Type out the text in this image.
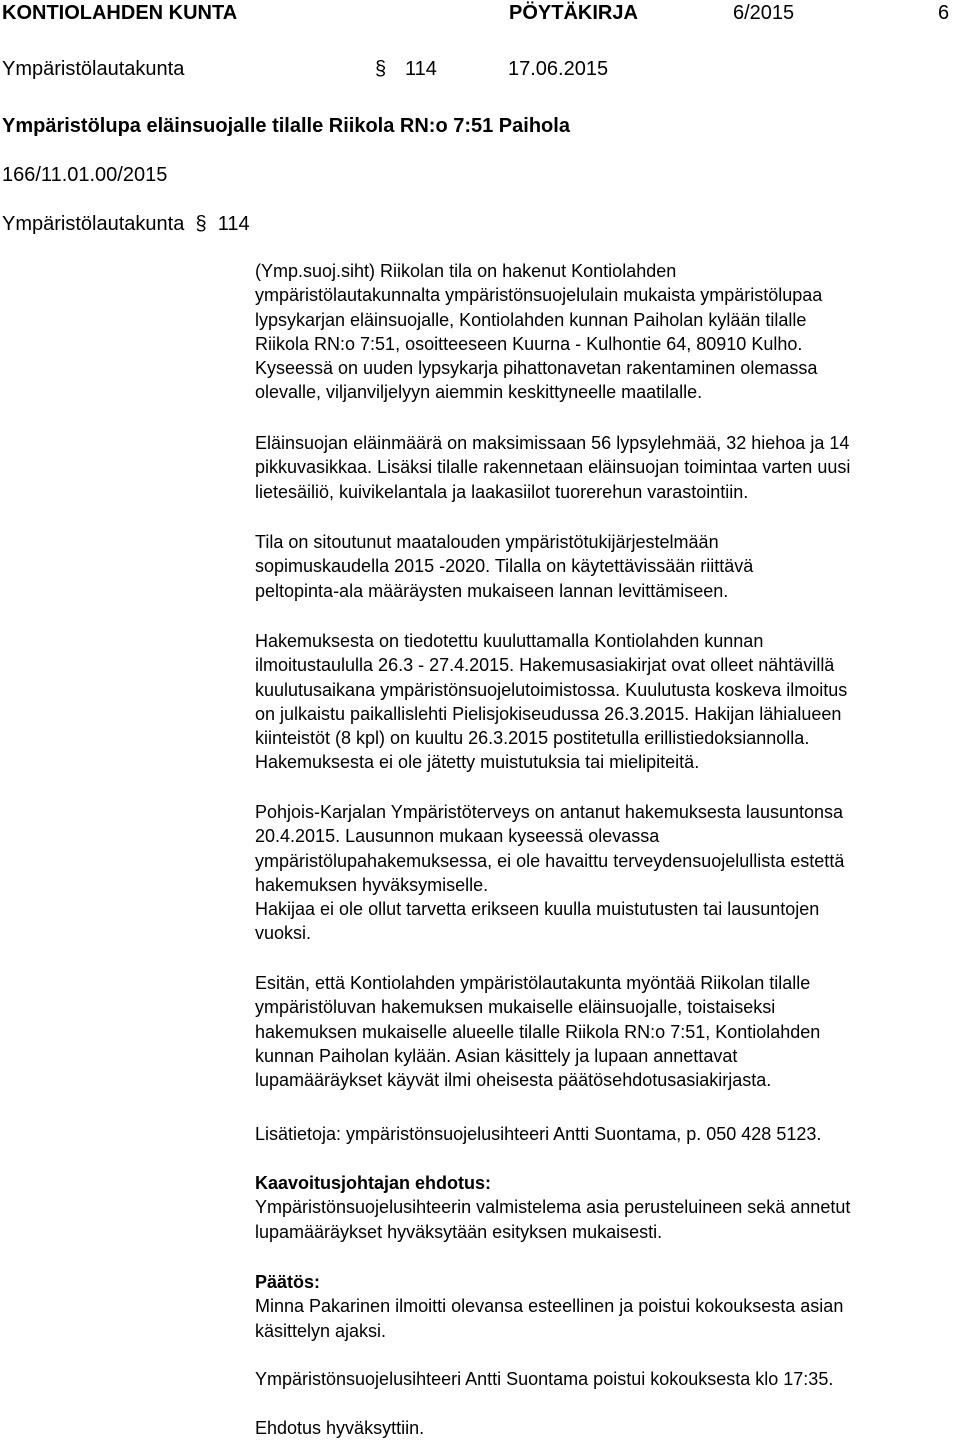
KONTIOLAHDEN KUNTA	PÖYTÄKIRJA	6/2015	6
Ympäristölautakunta	§ 114	17.06.2015
Ympäristölupa eläinsuojalle tilalle Riikola RN:o 7:51 Paihola
166/11.01.00/2015
Ympäristölautakunta  §  114

(Ymp.suoj.siht) Riikolan tila on hakenut Kontiolahden

ympäristölautakunnalta ympäristönsuojelulain mukaista ympäristölupaa

lypsykarjan eläinsuojalle, Kontiolahden kunnan Paiholan kylään tilalle

Riikola RN:o 7:51, osoitteeseen Kuurna - Kulhontie 64, 80910 Kulho.

Kyseessä on uuden lypsykarja pihattonavetan rakentaminen olemassa

olevalle, viljanviljelyyn aiemmin keskittyneelle maatilalle.

Eläinsuojan eläinmäärä on maksimissaan 56 lypsylehmää, 32 hiehoa ja 14

pikkuvasikkaa. Lisäksi tilalle rakennetaan eläinsuojan toimintaa varten uusi

lietesäiliö, kuivikelantala ja laakasiilot tuorerehun varastointiin.

Tila on sitoutunut maatalouden ympäristötukijärjestelmään

sopimuskaudella 2015 -2020. Tilalla on käytettävissään riittävä

peltopinta-ala määräysten mukaiseen lannan levittämiseen.

Hakemuksesta on tiedotettu kuuluttamalla Kontiolahden kunnan

ilmoitustaululla 26.3 - 27.4.2015. Hakemusasiakirjat ovat olleet nähtävillä

kuulutusaikana ympäristönsuojelutoimistossa. Kuulutusta koskeva ilmoitus

on julkaistu paikallislehti Pielisjokiseudussa 26.3.2015. Hakijan lähialueen

kiinteistöt (8 kpl) on kuultu 26.3.2015 postitetulla erillistiedoksiannolla.

Hakemuksesta ei ole jätetty muistutuksia tai mielipiteitä.

Pohjois-Karjalan Ympäristöterveys on antanut hakemuksesta lausuntonsa

20.4.2015. Lausunnon mukaan kyseessä olevassa

ympäristölupahakemuksessa, ei ole havaittu terveydensuojelullista estettä

hakemuksen hyväksymiselle.

Hakijaa ei ole ollut tarvetta erikseen kuulla muistutusten tai lausuntojen

vuoksi.

Esitän, että Kontiolahden ympäristölautakunta myöntää Riikolan tilalle

ympäristöluvan hakemuksen mukaiselle eläinsuojalle, toistaiseksi

hakemuksen mukaiselle alueelle tilalle Riikola RN:o 7:51, Kontiolahden

kunnan Paiholan kylään. Asian käsittely ja lupaan annettavat

lupamääräykset käyvät ilmi oheisesta päätösehdotusasiakirjasta.

Lisätietoja: ympäristönsuojelusihteeri Antti Suontama, p. 050 428 5123.

Kaavoitusjohtajan ehdotus:

Ympäristönsuojelusihteerin valmistelema asia perusteluineen sekä annetut

lupamääräykset hyväksytään esityksen mukaisesti.

Päätös:

Minna Pakarinen ilmoitti olevansa esteellinen ja poistui kokouksesta asian

käsittelyn ajaksi.

Ympäristönsuojelusihteeri Antti Suontama poistui kokouksesta klo 17:35.

Ehdotus hyväksyttiin.
